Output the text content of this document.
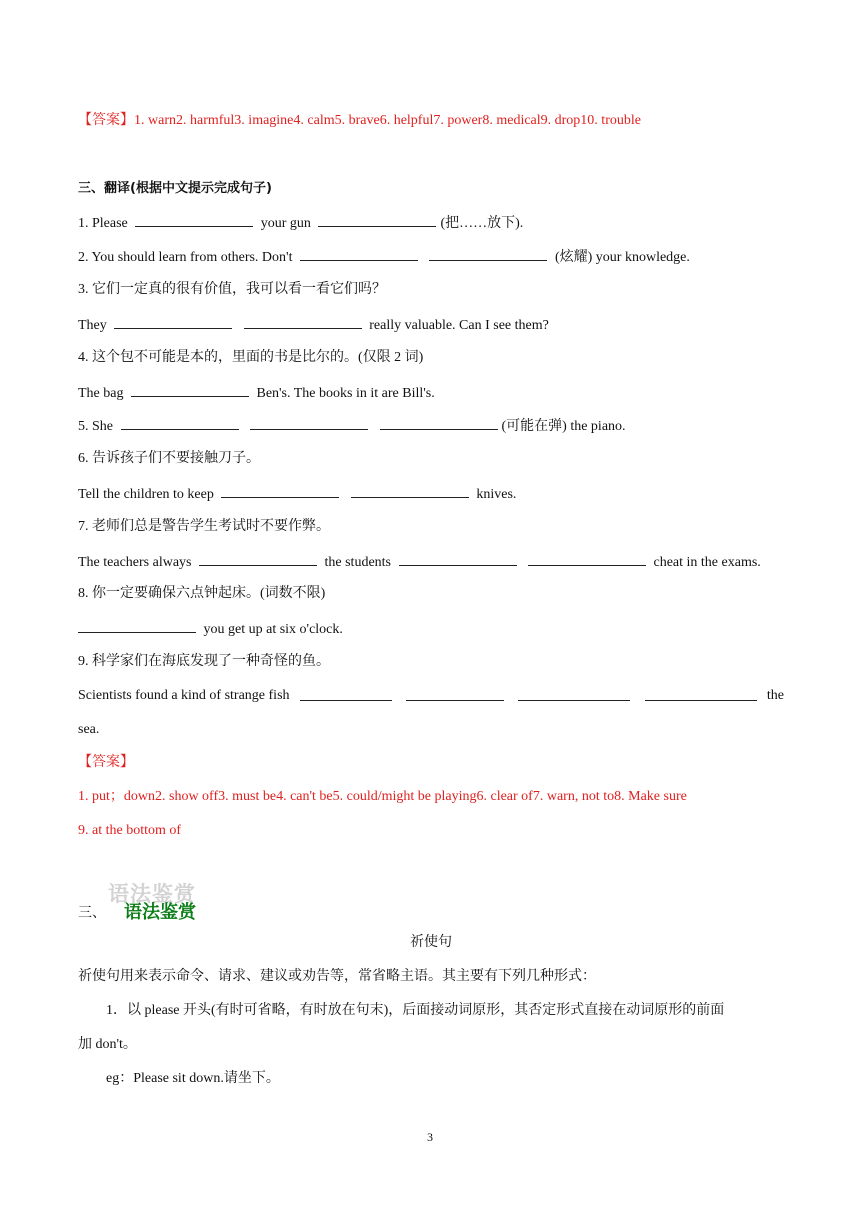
【答案】1. warn2. harmful3. imagine4. calm5. brave6. helpful7. power8. medical9. drop10. trouble
三、翻译(根据中文提示完成句子)
1. Please	your gun	(把……放下).
2. You should learn from others. Don't	(炫耀) your knowledge.
3. 它们一定真的很有价值，我可以看一看它们吗？
They	really valuable. Can I see them?
4. 这个包不可能是本的，里面的书是比尔的。(仅限 2 词)
The bag	Ben's. The books in it are Bill's.
5. She	(可能在弹) the piano.
6. 告诉孩子们不要接触刀子。
Tell the children to keep	knives.
7. 老师们总是警告学生考试时不要作弊。
The teachers always	the students	cheat in the exams.
8. 你一定要确保六点钟起床。(词数不限)
you get up at six o'clock.
9. 科学家们在海底发现了一种奇怪的鱼。
Scientists found a kind of strange fish	the
sea.
【答案】
1. put；down2. show off3. must be4. can't be5. could/might be playing6. clear of7. warn, not to8. Make sure
9. at the bottom of
语法鉴赏
三、 语法鉴赏
祈使句
祈使句用来表示命令、请求、建议或劝告等，常省略主语。其主要有下列几种形式：
1．以 please 开头(有时可省略，有时放在句末)，后面接动词原形，其否定形式直接在动词原形的前面
加 don't。
eg：Please sit down.请坐下。
3
